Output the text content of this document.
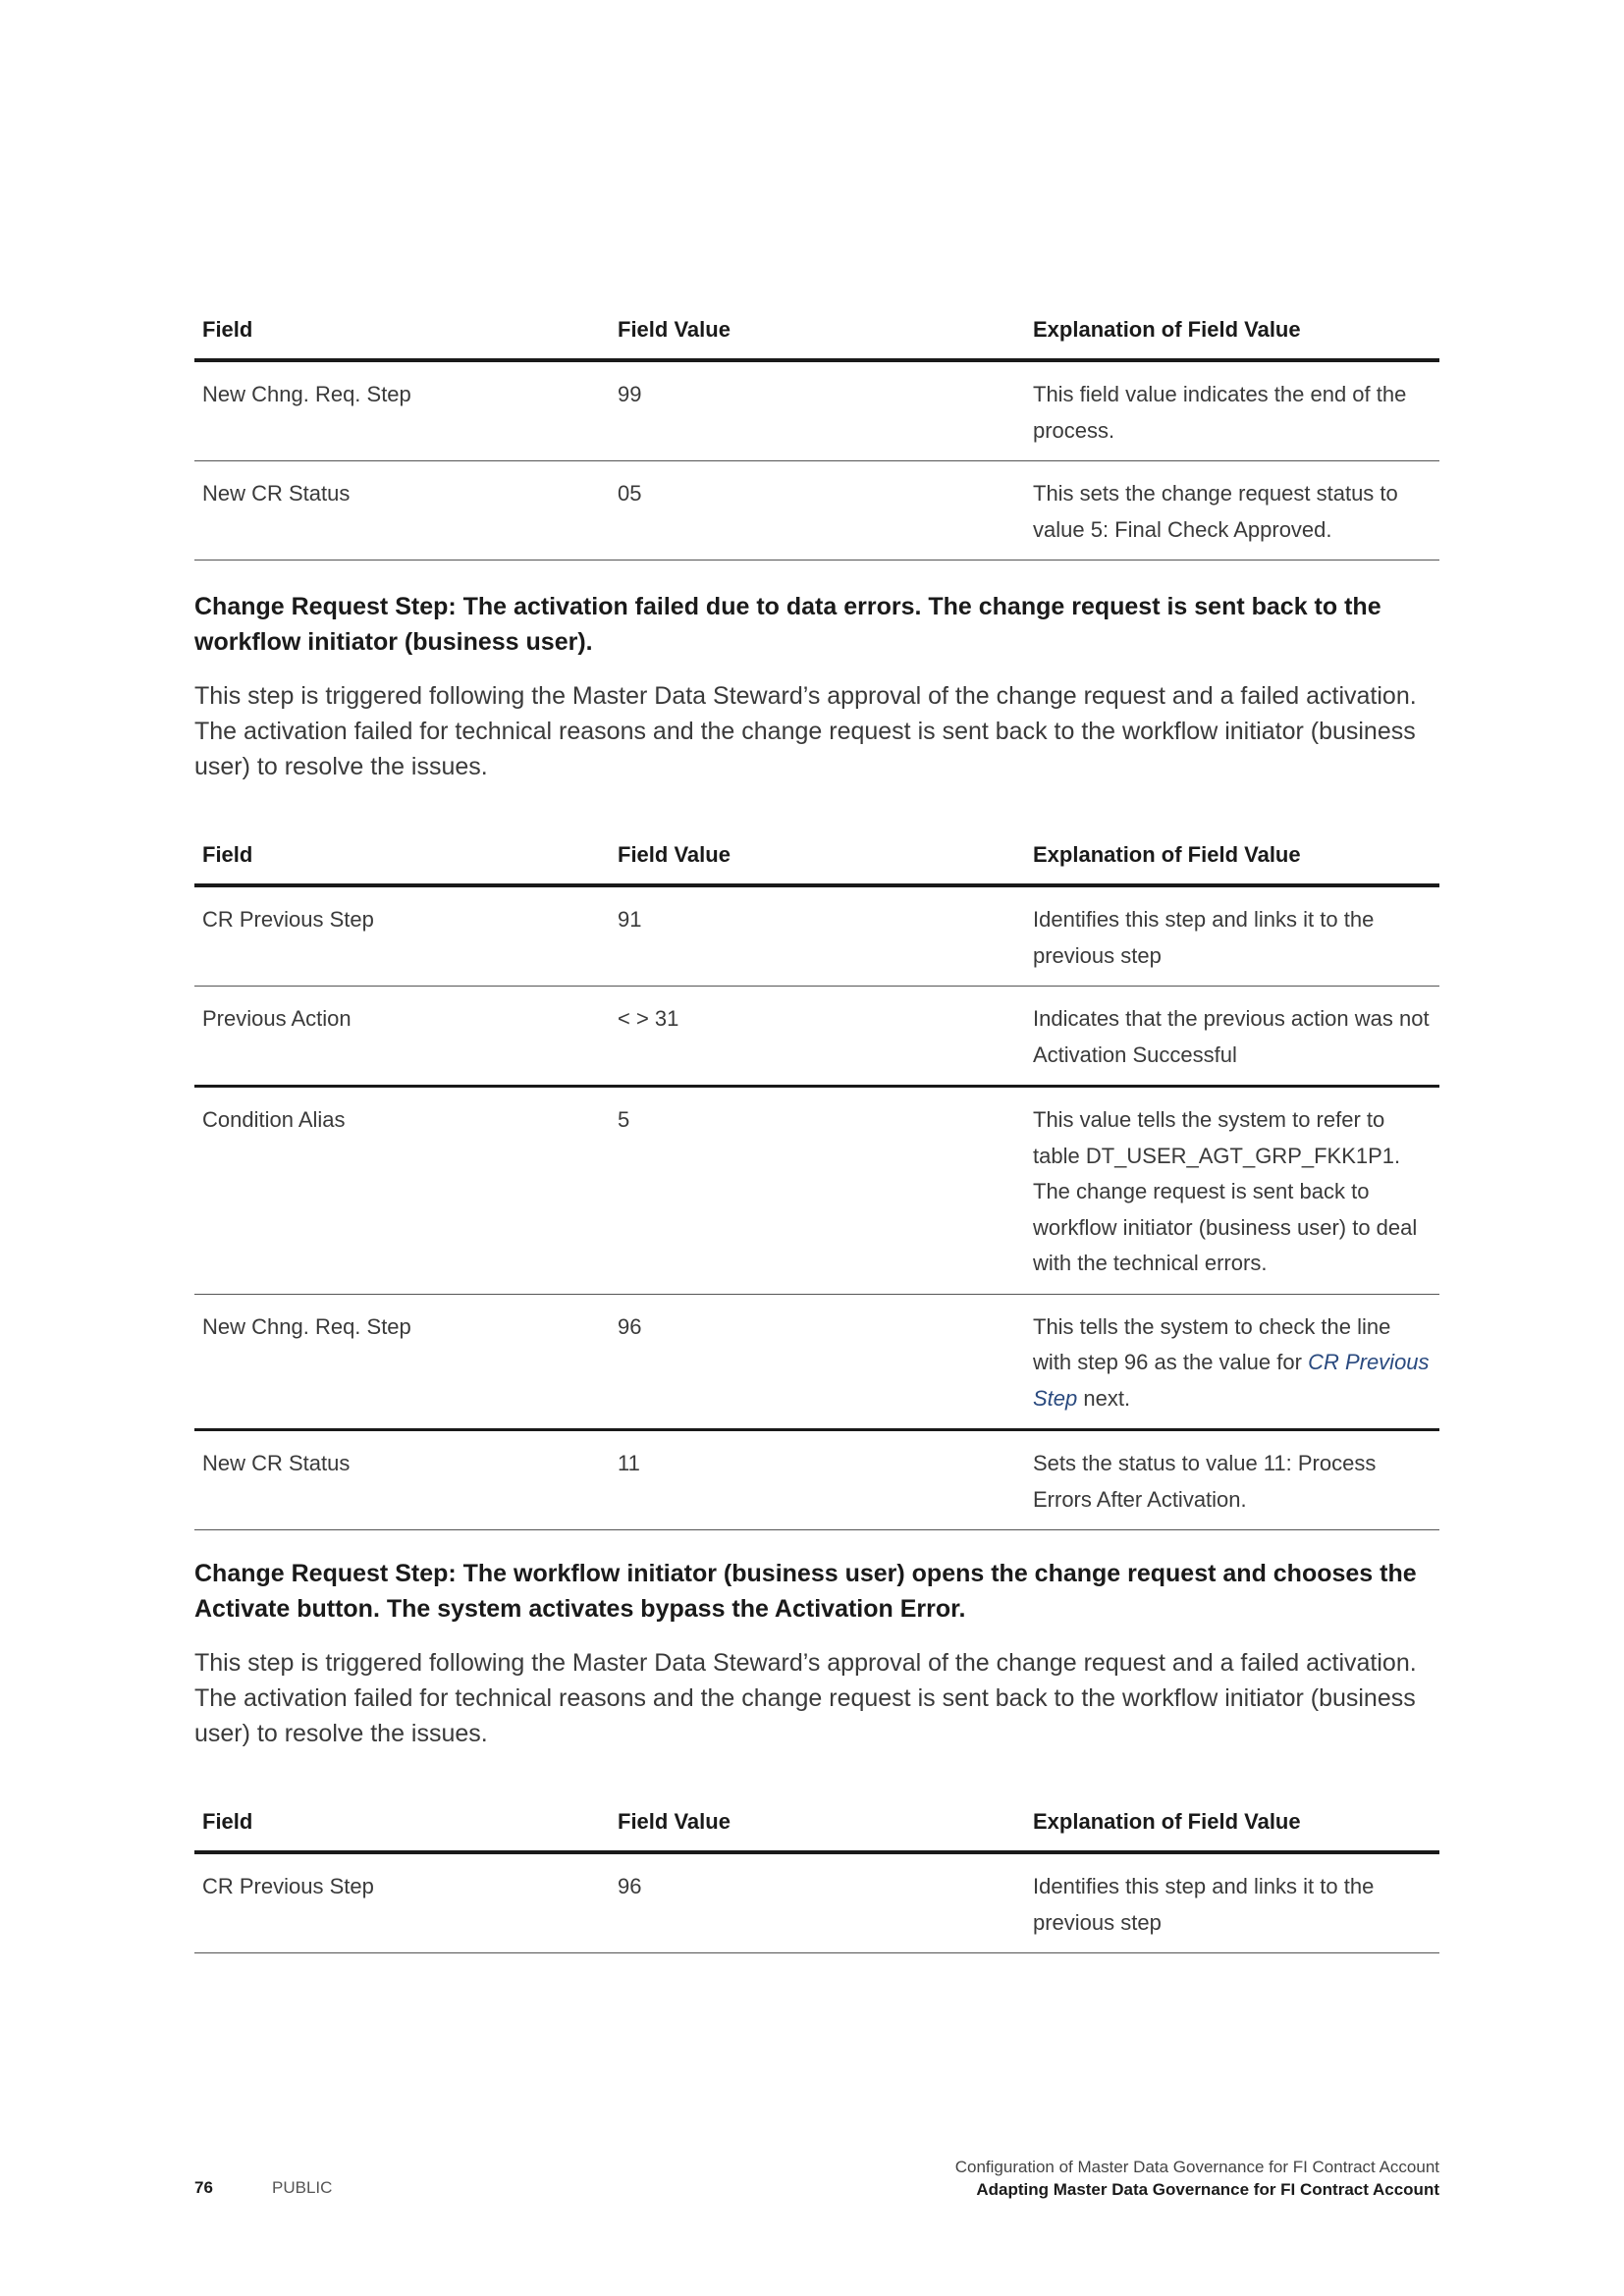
Field	Field Value	Explanation of Field Value
New Chng. Req. Step	99	This field value indicates the end of the process.
New CR Status	05	This sets the change request status to value 5: Final Check Approved.
Change Request Step: The activation failed due to data errors. The change request is sent back to the workflow initiator (business user).

This step is triggered following the Master Data Steward’s approval of the change request and a failed activation. The activation failed for technical reasons and the change request is sent back to the workflow initiator (business user) to resolve the issues.

Field	Field Value	Explanation of Field Value
CR Previous Step	91	Identifies this step and links it to the previous step
Previous Action	< > 31	Indicates that the previous action was not Activation Successful
Condition Alias	5	This value tells the system to refer to table DT_USER_AGT_GRP_FKK1P1. The change request is sent back to workflow initiator (business user) to deal with the technical errors.
New Chng. Req. Step	96	This tells the system to check the line with step 96 as the value for CR Previous Step next.
New CR Status	11	Sets the status to value 11: Process Errors After Activation.
Change Request Step: The workflow initiator (business user) opens the change request and chooses the Activate button. The system activates bypass the Activation Error.

This step is triggered following the Master Data Steward’s approval of the change request and a failed activation. The activation failed for technical reasons and the change request is sent back to the workflow initiator (business user) to resolve the issues.

Field	Field Value	Explanation of Field Value
CR Previous Step	96	Identifies this step and links it to the previous step
76	PUBLIC
Configuration of Master Data Governance for FI Contract Account
Adapting Master Data Governance for FI Contract Account
